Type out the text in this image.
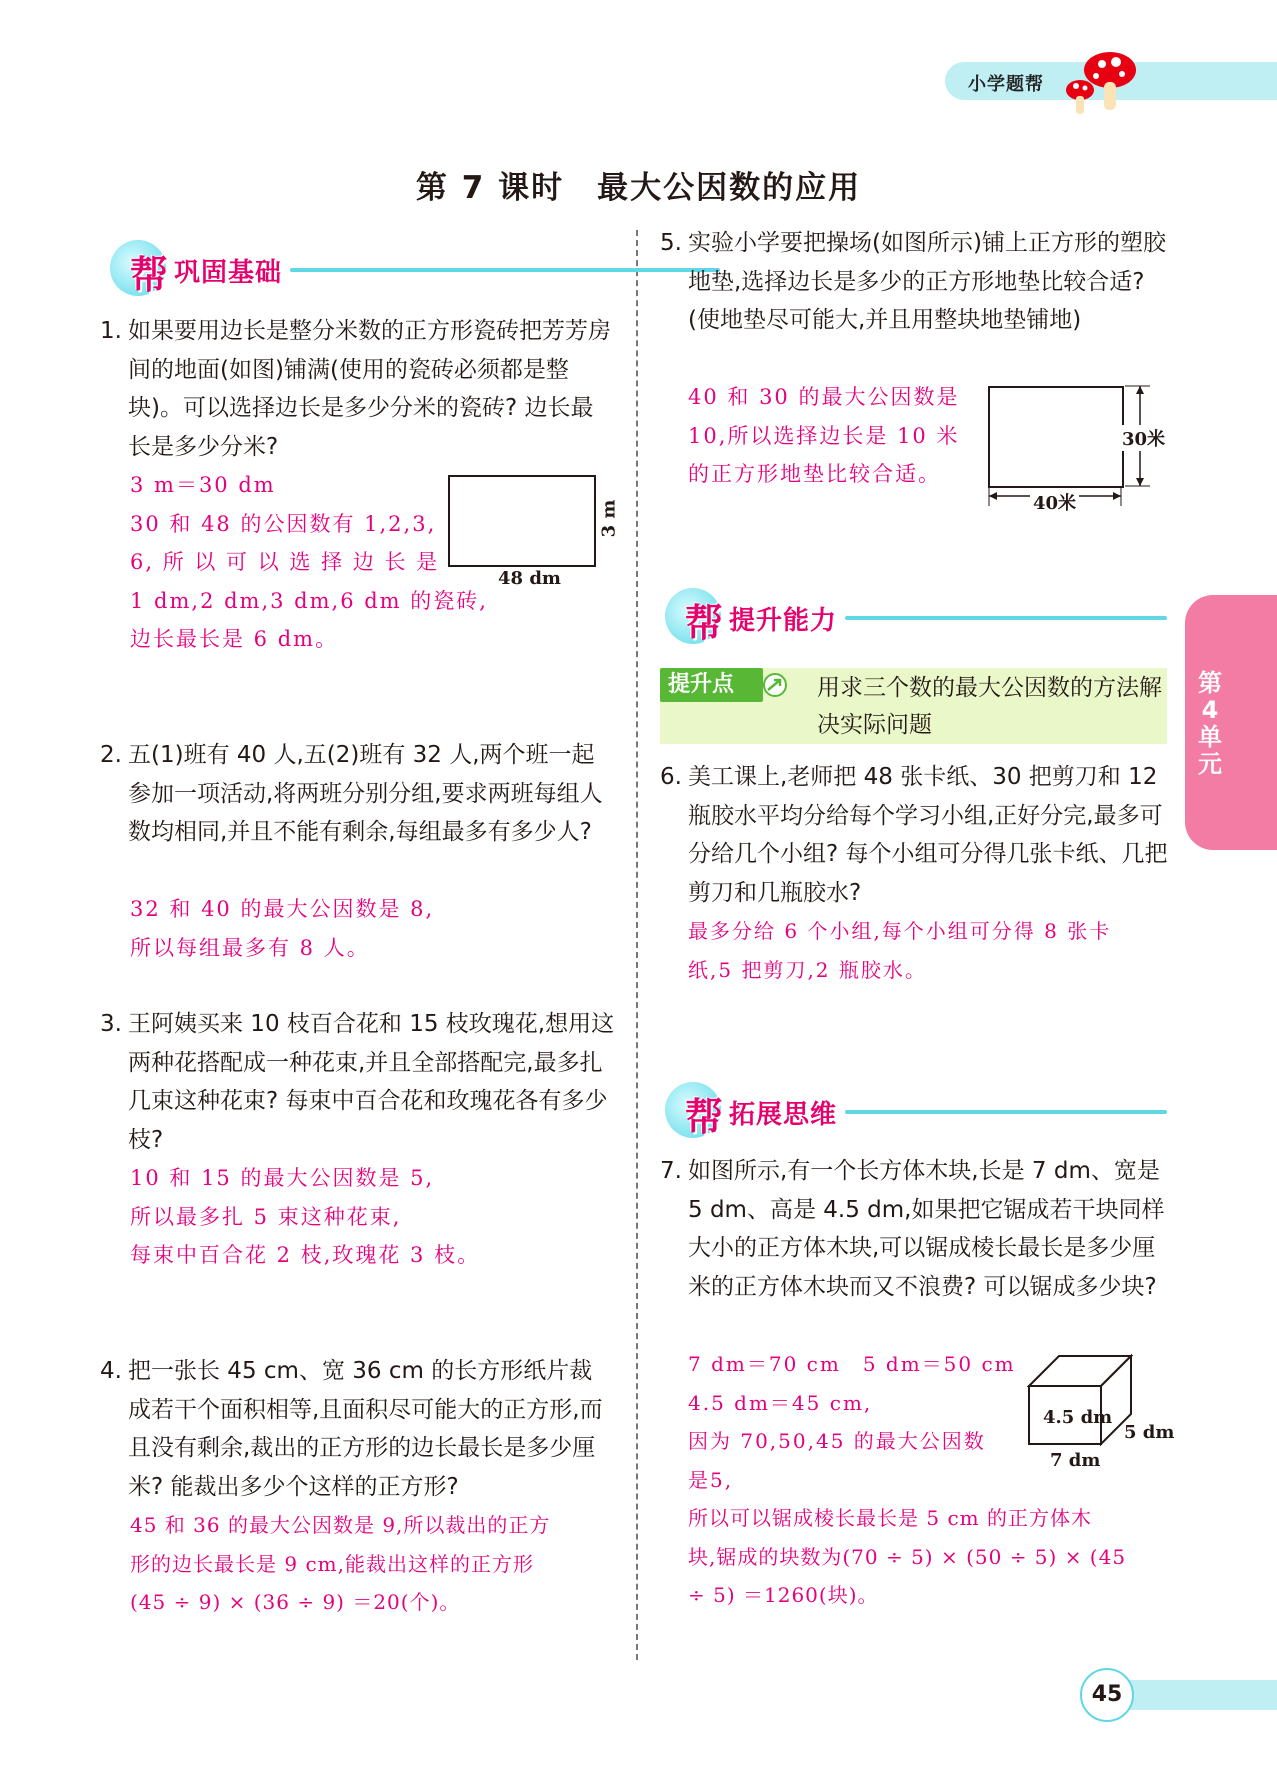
小学题帮
第 7 课时　最大公因数的应用
第4单元
帮 巩固基础
1. 如果要用边长是整分米数的正方形瓷砖把芳芳房间的地面(如图)铺满(使用的瓷砖必须都是整块)。可以选择边长是多少分米的瓷砖? 边长最长是多少分米?
3 m＝30 dm
30 和 48 的公因数有 1,2,3,
6, 所 以 可 以 选 择 边 长 是
1 dm,2 dm,3 dm,6 dm 的瓷砖,
边长最长是 6 dm。
48 dm
3 m
2. 五(1)班有 40 人,五(2)班有 32 人,两个班一起参加一项活动,将两班分别分组,要求两班每组人数均相同,并且不能有剩余,每组最多有多少人?
32 和 40 的最大公因数是 8,
所以每组最多有 8 人。
3. 王阿姨买来 10 枝百合花和 15 枝玫瑰花,想用这两种花搭配成一种花束,并且全部搭配完,最多扎几束这种花束? 每束中百合花和玫瑰花各有多少枝?
10 和 15 的最大公因数是 5,
所以最多扎 5 束这种花束,
每束中百合花 2 枝,玫瑰花 3 枝。
4. 把一张长 45 cm、宽 36 cm 的长方形纸片裁成若干个面积相等,且面积尽可能大的正方形,而且没有剩余,裁出的正方形的边长最长是多少厘米? 能裁出多少个这样的正方形?
45 和 36 的最大公因数是 9,所以裁出的正方
形的边长最长是 9 cm,能裁出这样的正方形
(45 ÷ 9) × (36 ÷ 9) ＝20(个)。
5. 实验小学要把操场(如图所示)铺上正方形的塑胶地垫,选择边长是多少的正方形地垫比较合适? (使地垫尽可能大,并且用整块地垫铺地)
40 和 30 的最大公因数是
10,所以选择边长是 10 米
的正方形地垫比较合适。
40米
30米
帮 提升能力
提升点	用求三个数的最大公因数的方法解决实际问题
6. 美工课上,老师把 48 张卡纸、30 把剪刀和 12 瓶胶水平均分给每个学习小组,正好分完,最多可分给几个小组? 每个小组可分得几张卡纸、几把剪刀和几瓶胶水?
最多分给 6 个小组,每个小组可分得 8 张卡
纸,5 把剪刀,2 瓶胶水。
帮 拓展思维
7. 如图所示,有一个长方体木块,长是 7 dm、宽是 5 dm、高是 4.5 dm,如果把它锯成若干块同样大小的正方体木块,可以锯成棱长最长是多少厘米的正方体木块而又不浪费? 可以锯成多少块?
7 dm＝70 cm　5 dm＝50 cm
4.5 dm＝45 cm,
因为 70,50,45 的最大公因数
是5,
所以可以锯成棱长最长是 5 cm 的正方体木
块,锯成的块数为(70 ÷ 5) × (50 ÷ 5) × (45
÷ 5) ＝1260(块)。
4.5 dm
5 dm
7 dm
45
